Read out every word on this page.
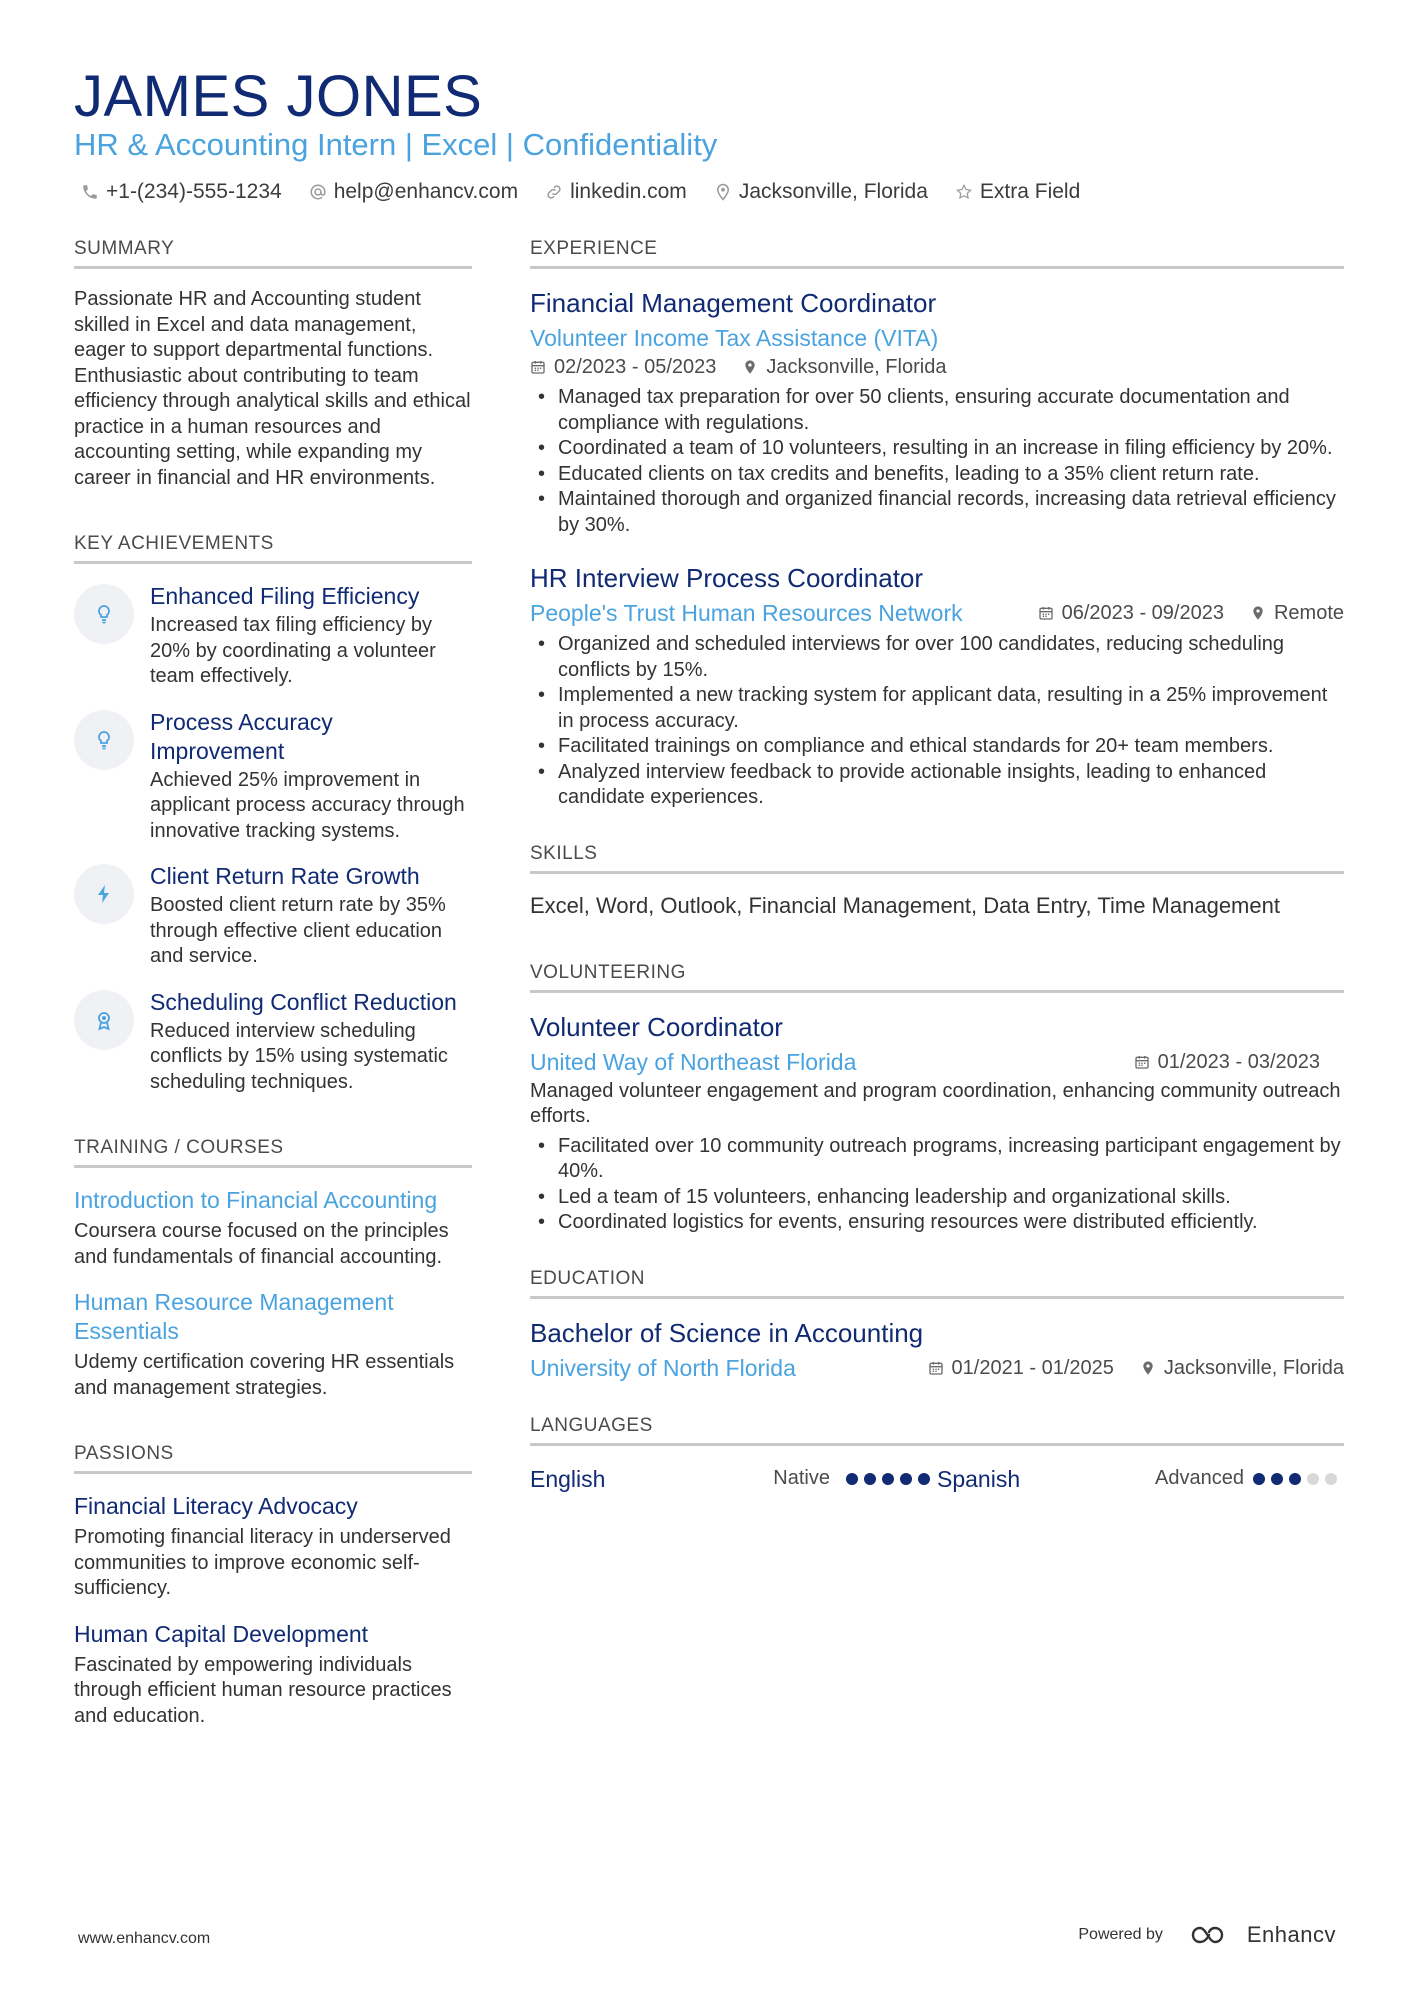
JAMES JONES
HR & Accounting Intern | Excel | Confidentiality
+1-(234)-555-1234 help@enhancv.com linkedin.com Jacksonville, Florida Extra Field
SUMMARY
Passionate HR and Accounting student skilled in Excel and data management, eager to support departmental functions. Enthusiastic about contributing to team efficiency through analytical skills and ethical practice in a human resources and accounting setting, while expanding my career in financial and HR environments.
KEY ACHIEVEMENTS
Enhanced Filing Efficiency
Increased tax filing efficiency by 20% by coordinating a volunteer team effectively.
Process Accuracy Improvement
Achieved 25% improvement in applicant process accuracy through innovative tracking systems.
Client Return Rate Growth
Boosted client return rate by 35% through effective client education and service.
Scheduling Conflict Reduction
Reduced interview scheduling conflicts by 15% using systematic scheduling techniques.
TRAINING / COURSES
Introduction to Financial Accounting
Coursera course focused on the principles and fundamentals of financial accounting.
Human Resource Management Essentials
Udemy certification covering HR essentials and management strategies.
PASSIONS
Financial Literacy Advocacy
Promoting financial literacy in underserved communities to improve economic self-sufficiency.
Human Capital Development
Fascinated by empowering individuals through efficient human resource practices and education.
EXPERIENCE
Financial Management Coordinator
Volunteer Income Tax Assistance (VITA)
02/2023 - 05/2023	Jacksonville, Florida
• Managed tax preparation for over 50 clients, ensuring accurate documentation and compliance with regulations.
• Coordinated a team of 10 volunteers, resulting in an increase in filing efficiency by 20%.
• Educated clients on tax credits and benefits, leading to a 35% client return rate.
• Maintained thorough and organized financial records, increasing data retrieval efficiency by 30%.
HR Interview Process Coordinator
People's Trust Human Resources Network	06/2023 - 09/2023	Remote
• Organized and scheduled interviews for over 100 candidates, reducing scheduling conflicts by 15%.
• Implemented a new tracking system for applicant data, resulting in a 25% improvement in process accuracy.
• Facilitated trainings on compliance and ethical standards for 20+ team members.
• Analyzed interview feedback to provide actionable insights, leading to enhanced candidate experiences.
SKILLS
Excel, Word, Outlook, Financial Management, Data Entry, Time Management
VOLUNTEERING
Volunteer Coordinator
United Way of Northeast Florida	01/2023 - 03/2023
Managed volunteer engagement and program coordination, enhancing community outreach efforts.
• Facilitated over 10 community outreach programs, increasing participant engagement by 40%.
• Led a team of 15 volunteers, enhancing leadership and organizational skills.
• Coordinated logistics for events, ensuring resources were distributed efficiently.
EDUCATION
Bachelor of Science in Accounting
University of North Florida	01/2021 - 01/2025	Jacksonville, Florida
LANGUAGES
English	Native	Spanish	Advanced
www.enhancv.com	Powered by	Enhancv
